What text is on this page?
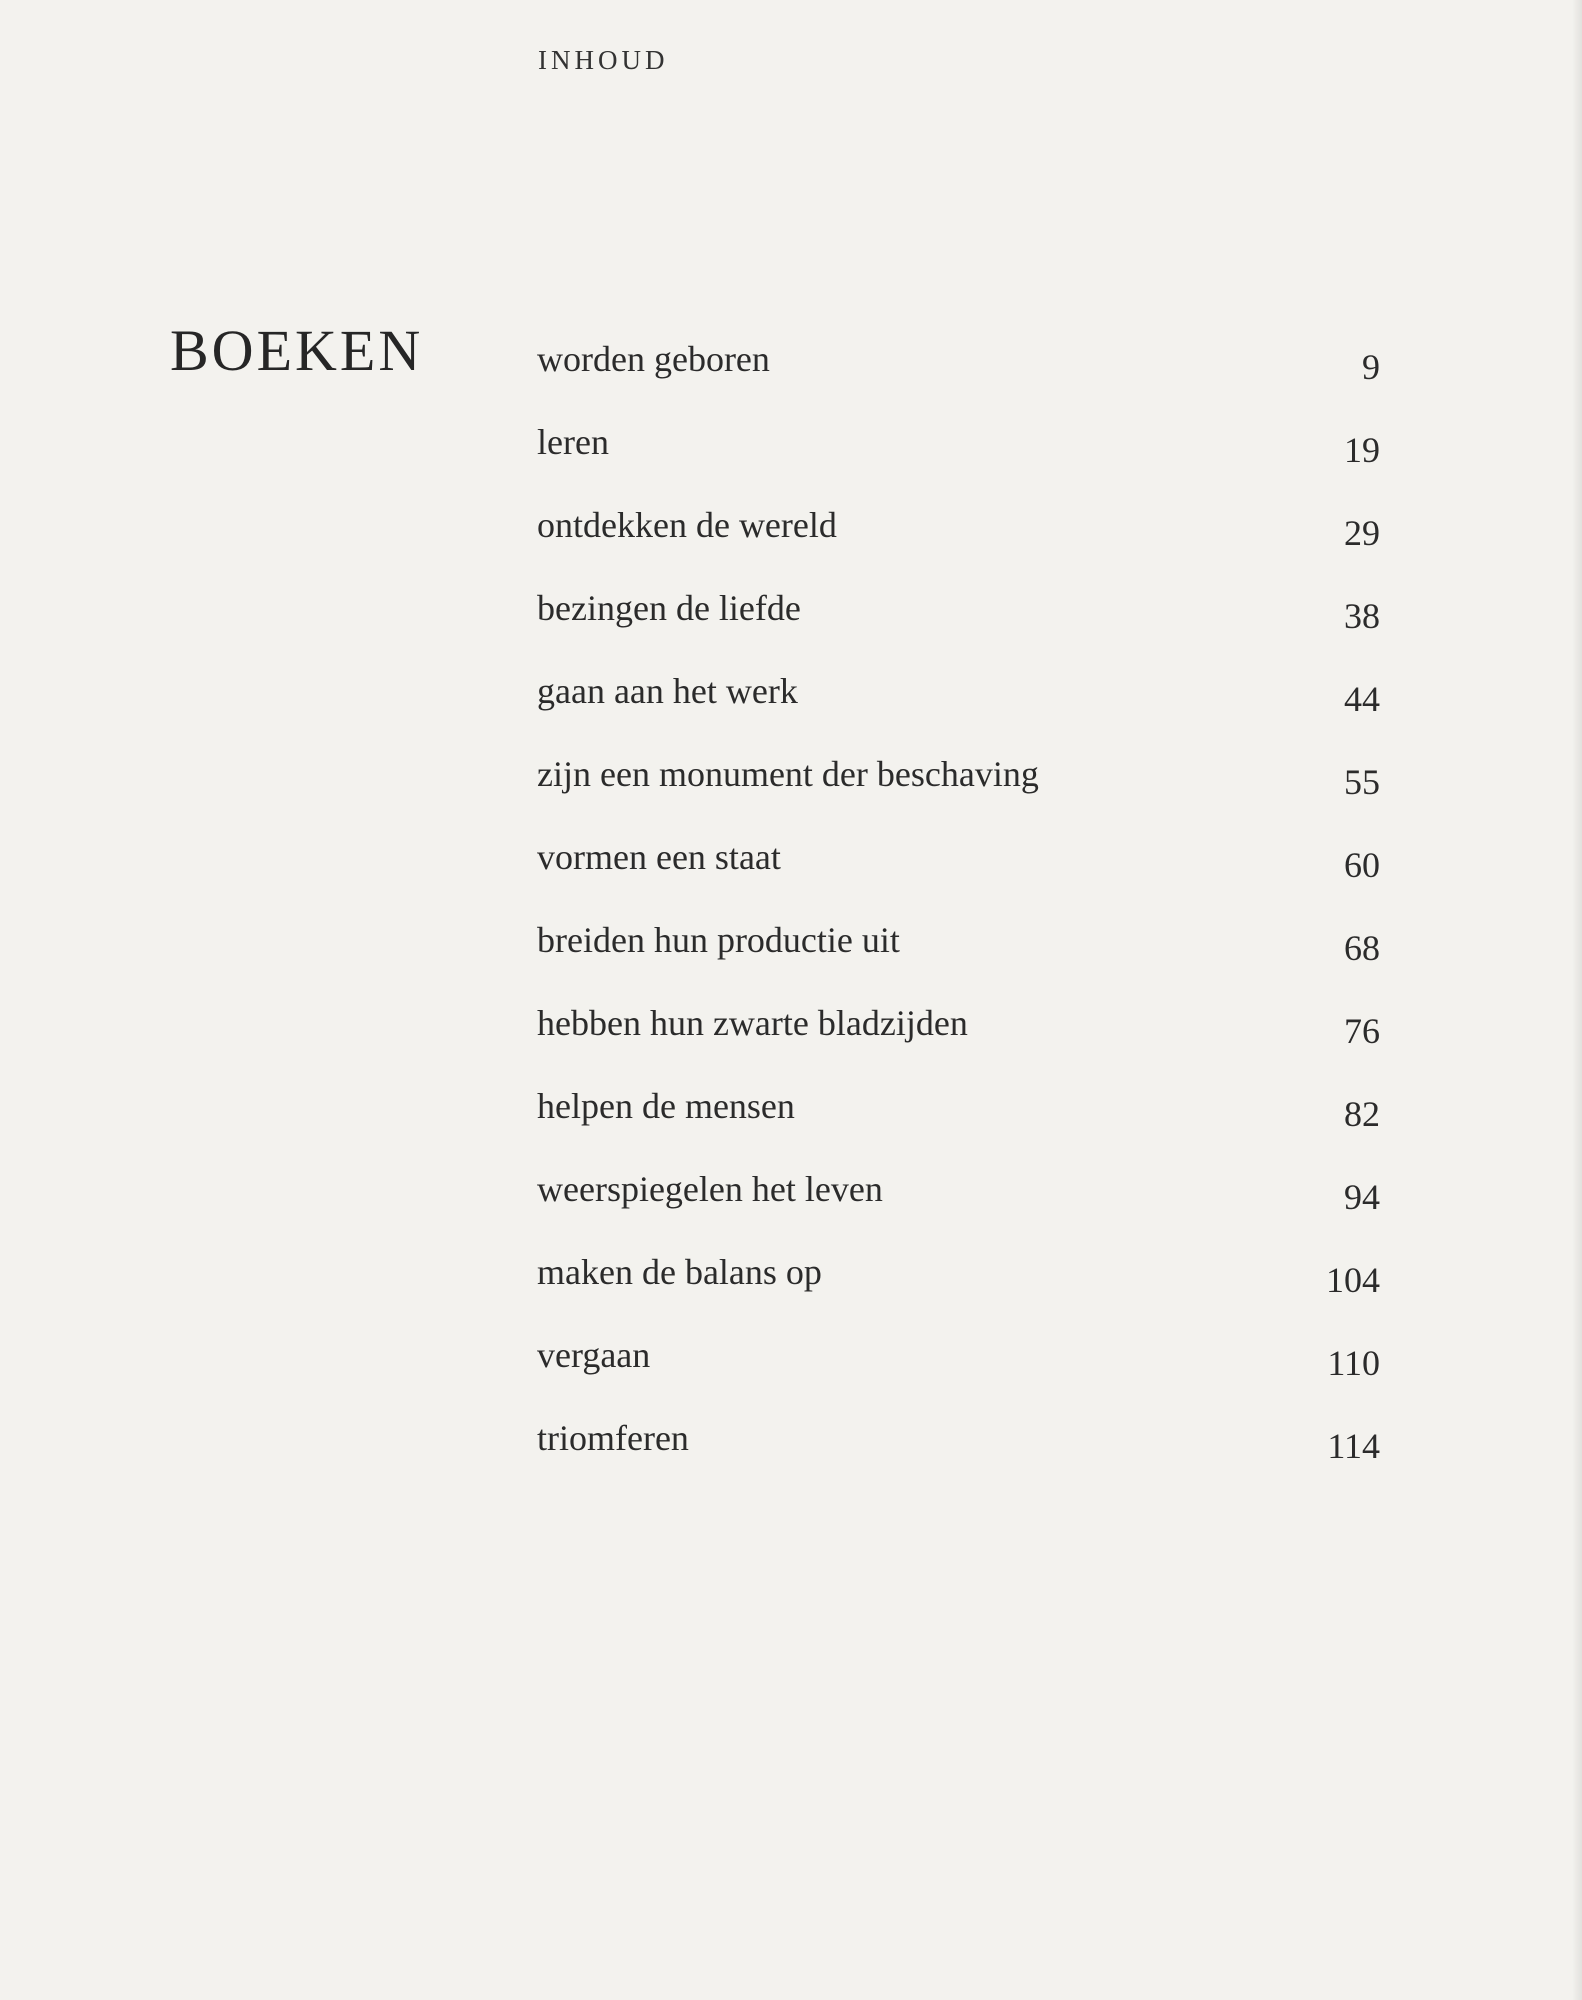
INHOUD
BOEKEN	worden geboren	9
leren	19
ontdekken de wereld	29
bezingen de liefde	38
gaan aan het werk	44
zijn een monument der beschaving	55
vormen een staat	60
breiden hun productie uit	68
hebben hun zwarte bladzijden	76
helpen de mensen	82
weerspiegelen het leven	94
maken de balans op	104
vergaan	110
triomferen	114
